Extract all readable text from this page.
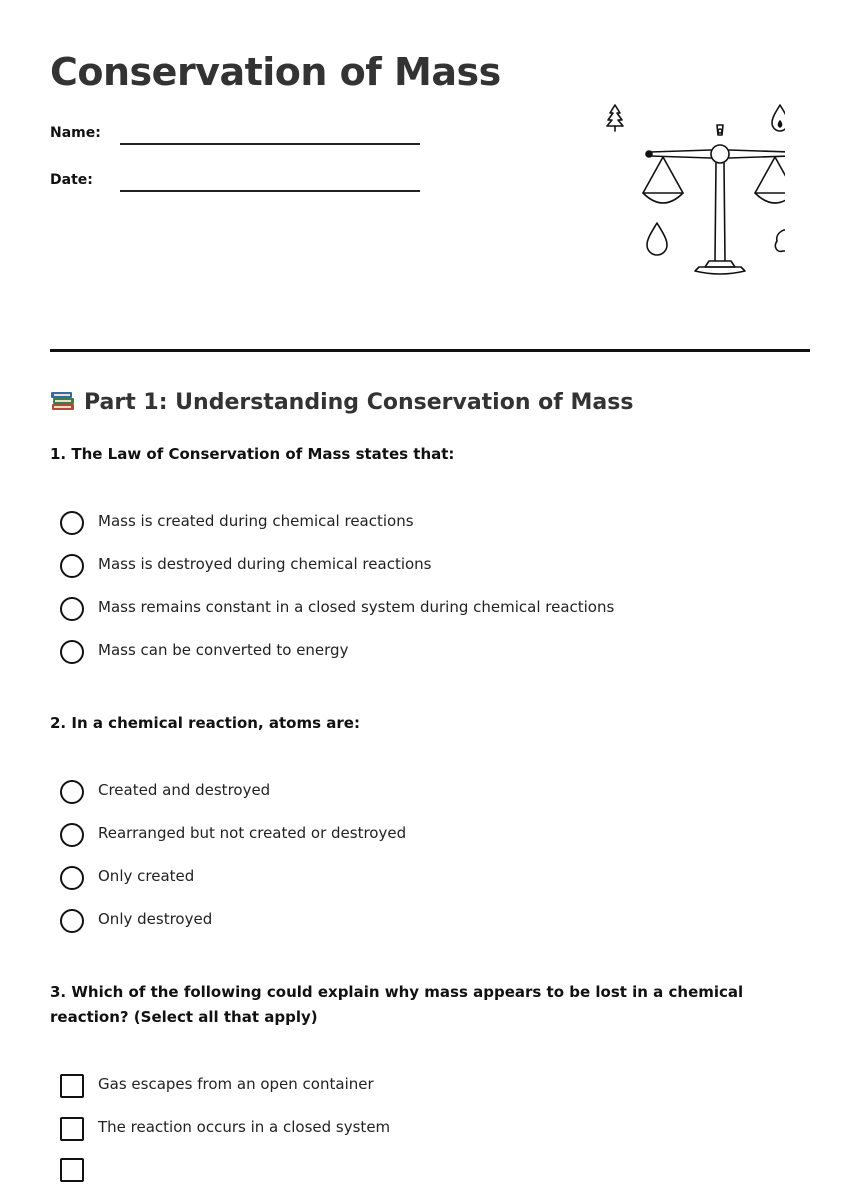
Conservation of Mass
Name:
Date:
Part 1: Understanding Conservation of Mass
1. The Law of Conservation of Mass states that:
Mass is created during chemical reactions
Mass is destroyed during chemical reactions
Mass remains constant in a closed system during chemical reactions
Mass can be converted to energy
2. In a chemical reaction, atoms are:
Created and destroyed
Rearranged but not created or destroyed
Only created
Only destroyed
3. Which of the following could explain why mass appears to be lost in a chemical reaction? (Select all that apply)
Gas escapes from an open container
The reaction occurs in a closed system
